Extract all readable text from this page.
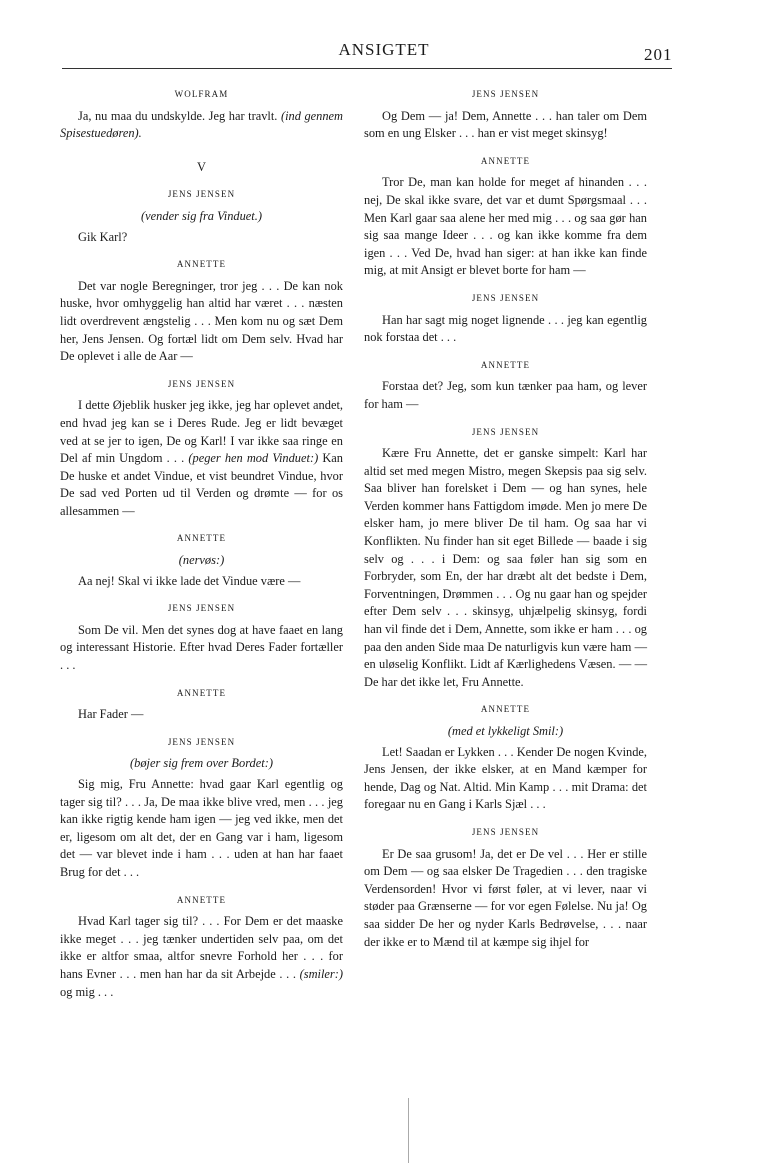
ANSIGTET	201

WOLFRAM

Ja, nu maa du undskylde. Jeg har travlt. (ind gennem Spisestuedøren).

V

JENS JENSEN

(vender sig fra Vinduet.)

Gik Karl?

ANNETTE

Det var nogle Beregninger, tror jeg . . . De kan nok huske, hvor omhyggelig han altid har været . . . næsten lidt overdrevent ængstelig . . . Men kom nu og sæt Dem her, Jens Jensen. Og fortæl lidt om Dem selv. Hvad har De oplevet i alle de Aar —

JENS JENSEN

I dette Øjeblik husker jeg ikke, jeg har oplevet andet, end hvad jeg kan se i Deres Rude. Jeg er lidt bevæget ved at se jer to igen, De og Karl! I var ikke saa ringe en Del af min Ungdom . . . (peger hen mod Vinduet:) Kan De huske et andet Vindue, et vist beundret Vindue, hvor De sad ved Porten ud til Verden og drømte — for os allesammen —

ANNETTE

(nervøs:)

Aa nej! Skal vi ikke lade det Vindue være —

JENS JENSEN

Som De vil. Men det synes dog at have faaet en lang og interessant Historie. Efter hvad Deres Fader fortæller . . .

ANNETTE

Har Fader —

JENS JENSEN

(bøjer sig frem over Bordet:)

Sig mig, Fru Annette: hvad gaar Karl egentlig og tager sig til? . . . Ja, De maa ikke blive vred, men . . . jeg kan ikke rigtig kende ham igen — jeg ved ikke, men det er, ligesom om alt det, der en Gang var i ham, ligesom det — var blevet inde i ham . . . uden at han har faaet Brug for det . . .

ANNETTE

Hvad Karl tager sig til? . . . For Dem er det maaske ikke meget . . . jeg tænker undertiden selv paa, om det ikke er altfor smaa, altfor snevre Forhold her . . . for hans Evner . . . men han har da sit Arbejde . . . (smiler:) og mig . . .

JENS JENSEN

Og Dem — ja! Dem, Annette . . . han taler om Dem som en ung Elsker . . . han er vist meget skinsyg!

ANNETTE

Tror De, man kan holde for meget af hinanden . . . nej, De skal ikke svare, det var et dumt Spørgsmaal . . . Men Karl gaar saa alene her med mig . . . og saa gør han sig saa mange Ideer . . . og kan ikke komme fra dem igen . . . Ved De, hvad han siger: at han ikke kan finde mig, at mit Ansigt er blevet borte for ham —

JENS JENSEN

Han har sagt mig noget lignende . . . jeg kan egentlig nok forstaa det . . .

ANNETTE

Forstaa det? Jeg, som kun tænker paa ham, og lever for ham —

JENS JENSEN

Kære Fru Annette, det er ganske simpelt: Karl har altid set med megen Mistro, megen Skepsis paa sig selv. Saa bliver han forelsket i Dem — og han synes, hele Verden kommer hans Fattigdom imøde. Men jo mere De elsker ham, jo mere bliver De til ham. Og saa har vi Konflikten. Nu finder han sit eget Billede — baade i sig selv og . . . i Dem: og saa føler han sig som en Forbryder, som En, der har dræbt alt det bedste i Dem, Forventningen, Drømmen . . . Og nu gaar han og spejder efter Dem selv . . . skinsyg, uhjælpelig skinsyg, fordi han vil finde det i Dem, Annette, som ikke er ham . . . og paa den anden Side maa De naturligvis kun være ham — en uløselig Konflikt. Lidt af Kærlighedens Væsen. — — De har det ikke let, Fru Annette.

ANNETTE

(med et lykkeligt Smil:)

Let! Saadan er Lykken . . . Kender De nogen Kvinde, Jens Jensen, der ikke elsker, at en Mand kæmper for hende, Dag og Nat. Altid. Min Kamp . . . mit Drama: det foregaar nu en Gang i Karls Sjæl . . .

JENS JENSEN

Er De saa grusom! Ja, det er De vel . . . Her er stille om Dem — og saa elsker De Tragedien . . . den tragiske Verdensorden! Hvor vi først føler, at vi lever, naar vi støder paa Grænserne — for vor egen Følelse. Nu ja! Og saa sidder De her og nyder Karls Bedrøvelse, . . . naar der ikke er to Mænd til at kæmpe sig ihjel for
